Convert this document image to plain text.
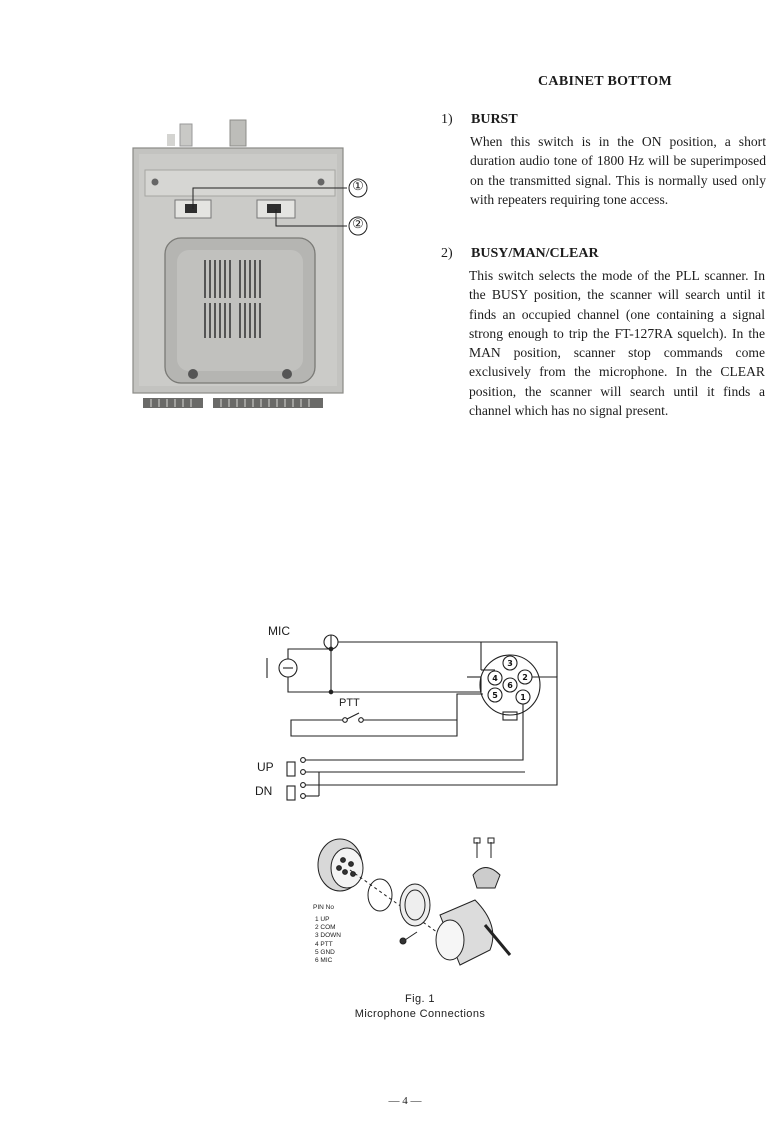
①
②
CABINET BOTTOM
1) BURST
When this switch is in the ON position, a short duration audio tone of 1800 Hz will be superimposed on the transmitted signal. This is normally used only with repeaters requiring tone access.
2) BUSY/MAN/CLEAR
This switch selects the mode of the PLL scanner. In the BUSY position, the scanner will search until it finds an occupied channel (one containing a signal strong enough to trip the FT-127RA squelch). In the MAN position, scanner stop commands come exclusively from the microphone. In the CLEAR position, the scanner will search until it finds a channel which has no signal present.
MIC
PTT
UP
DN
3
4
6
2
5	1
PIN No
1 UP
2 COM
3 DOWN
4 PTT
5 GND
6 MIC
Fig. 1
Microphone Connections
— 4 —
